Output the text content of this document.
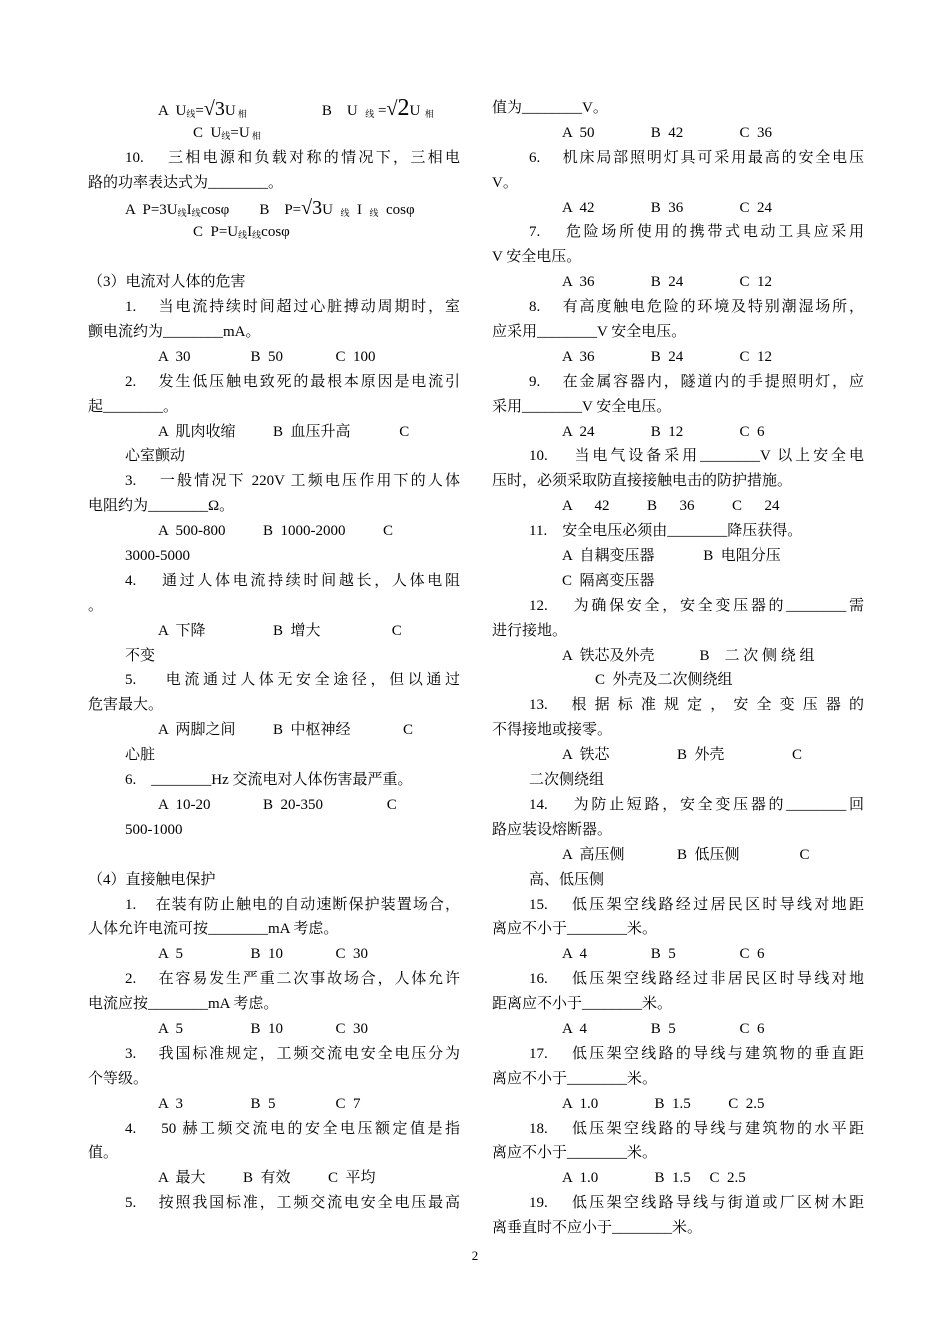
A  $U_线=√3U$ $_相$                    B    U  $_线$ =√2U  $_相$
C  $U_线=U$ $_相$
10.    三相电源和负载对称的情况下，三相电
路的功率表达式为________。
A  $P=3U_线I_线\cos\varphi$        B    P=√3U  $_线$  I  $_线$  cosφ
C  $P=U_线I_线\cos\varphi$
（3）电流对人体的危害
1.    当电流持续时间超过心脏搏动周期时，室
颤电流约为________mA。
A  30                B  50              C  100
2.    发生低压触电致死的最根本原因是电流引
起________。
A  肌肉收缩          B  血压升高             C
心室颤动
3.    一般情况下 220V 工频电压作用下的人体
电阻约为________Ω。
A  500-800          B  1000-2000          C
3000-5000
4.    通过人体电流持续时间越长，人体电阻
。
A  下降                  B  增大                   C
不变
5.    电流通过人体无安全途径，但以通过
危害最大。
A  两脚之间          B  中枢神经              C
心脏
6.    ________Hz 交流电对人体伤害最严重。
A  10-20              B  20-350                 C
500-1000
（4）直接触电保护
1.    在装有防止触电的自动速断保护装置场合，
人体允许电流可按________mA 考虑。
A  5                  B  10              C  30
2.    在容易发生严重二次事故场合，人体允许
电流应按________mA 考虑。
A  5                  B  10              C  30
3.    我国标准规定，工频交流电安全电压分为
个等级。
A  3                  B  5                C  7
4.    50 赫工频交流电的安全电压额定值是指
值。
A  最大          B  有效          C  平均
5.    按照我国标准，工频交流电安全电压最高
值为________V。
A  50               B  42               C  36
6.    机床局部照明灯具可采用最高的安全电压
V。
A  42               B  36               C  24
7.    危险场所使用的携带式电动工具应采用
V 安全电压。
A  36               B  24               C  12
8.    有高度触电危险的环境及特别潮湿场所，
应采用________V 安全电压。
A  36               B  24               C  12
9.    在金属容器内，隧道内的手提照明灯，应
采用________V 安全电压。
A  24               B  12               C  6
10.    当电气设备采用________V 以上安全电
压时，必须采取防直接接触电击的防护措施。
A      42          B      36          C      24
11.    安全电压必须由________降压获得。
A  自耦变压器             B  电阻分压
C  隔离变压器
12.    为确保安全，安全变压器的________需
进行接地。
A  铁芯及外壳            B    二 次 侧 绕 组
C  外壳及二次侧绕组
13.    根 据 标 准 规 定 ， 安 全 变 压 器 的
不得接地或接零。
A  铁芯                  B  外壳                  C
二次侧绕组
14.    为防止短路，安全变压器的________回
路应装设熔断器。
A  高压侧              B  低压侧                C
高、低压侧
15.    低压架空线路经过居民区时导线对地距
离应不小于________米。
A  4                 B  5                 C  6
16.    低压架空线路经过非居民区时导线对地
距离应不小于________米。
A  4                 B  5                 C  6
17.    低压架空线路的导线与建筑物的垂直距
离应不小于________米。
A  1.0               B  1.5          C  2.5
18.    低压架空线路的导线与建筑物的水平距
离应不小于________米。
A  1.0               B  1.5     C  2.5
19.    低压架空线路导线与街道或厂区树木距
离垂直时不应小于________米。
2
